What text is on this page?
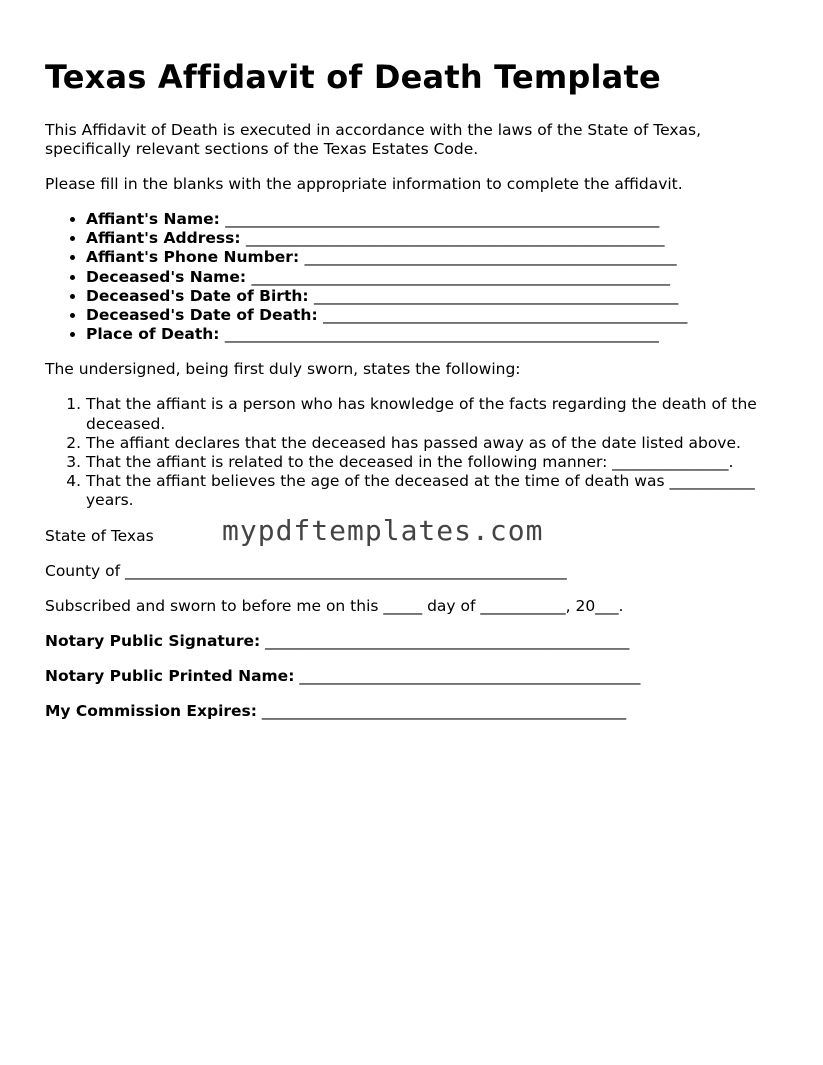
Texas Affidavit of Death Template

This Affidavit of Death is executed in accordance with the laws of the State of Texas, specifically relevant sections of the Texas Estates Code.

Please fill in the blanks with the appropriate information to complete the affidavit.

• Affiant's Name: ________________________________________________________
• Affiant's Address: ______________________________________________________
• Affiant's Phone Number: ________________________________________________
• Deceased's Name: ______________________________________________________
• Deceased's Date of Birth: _______________________________________________
• Deceased's Date of Death: _______________________________________________
• Place of Death: ________________________________________________________

The undersigned, being first duly sworn, states the following:

1. That the affiant is a person who has knowledge of the facts regarding the death of the deceased.
2. The affiant declares that the deceased has passed away as of the date listed above.
3. That the affiant is related to the deceased in the following manner: _______________.
4. That the affiant believes the age of the deceased at the time of death was ___________ years.

State of Texas	mypdftemplates.com

County of _________________________________________________________

Subscribed and sworn to before me on this _____ day of ___________, 20___.

Notary Public Signature: _______________________________________________

Notary Public Printed Name: ____________________________________________

My Commission Expires: _______________________________________________
